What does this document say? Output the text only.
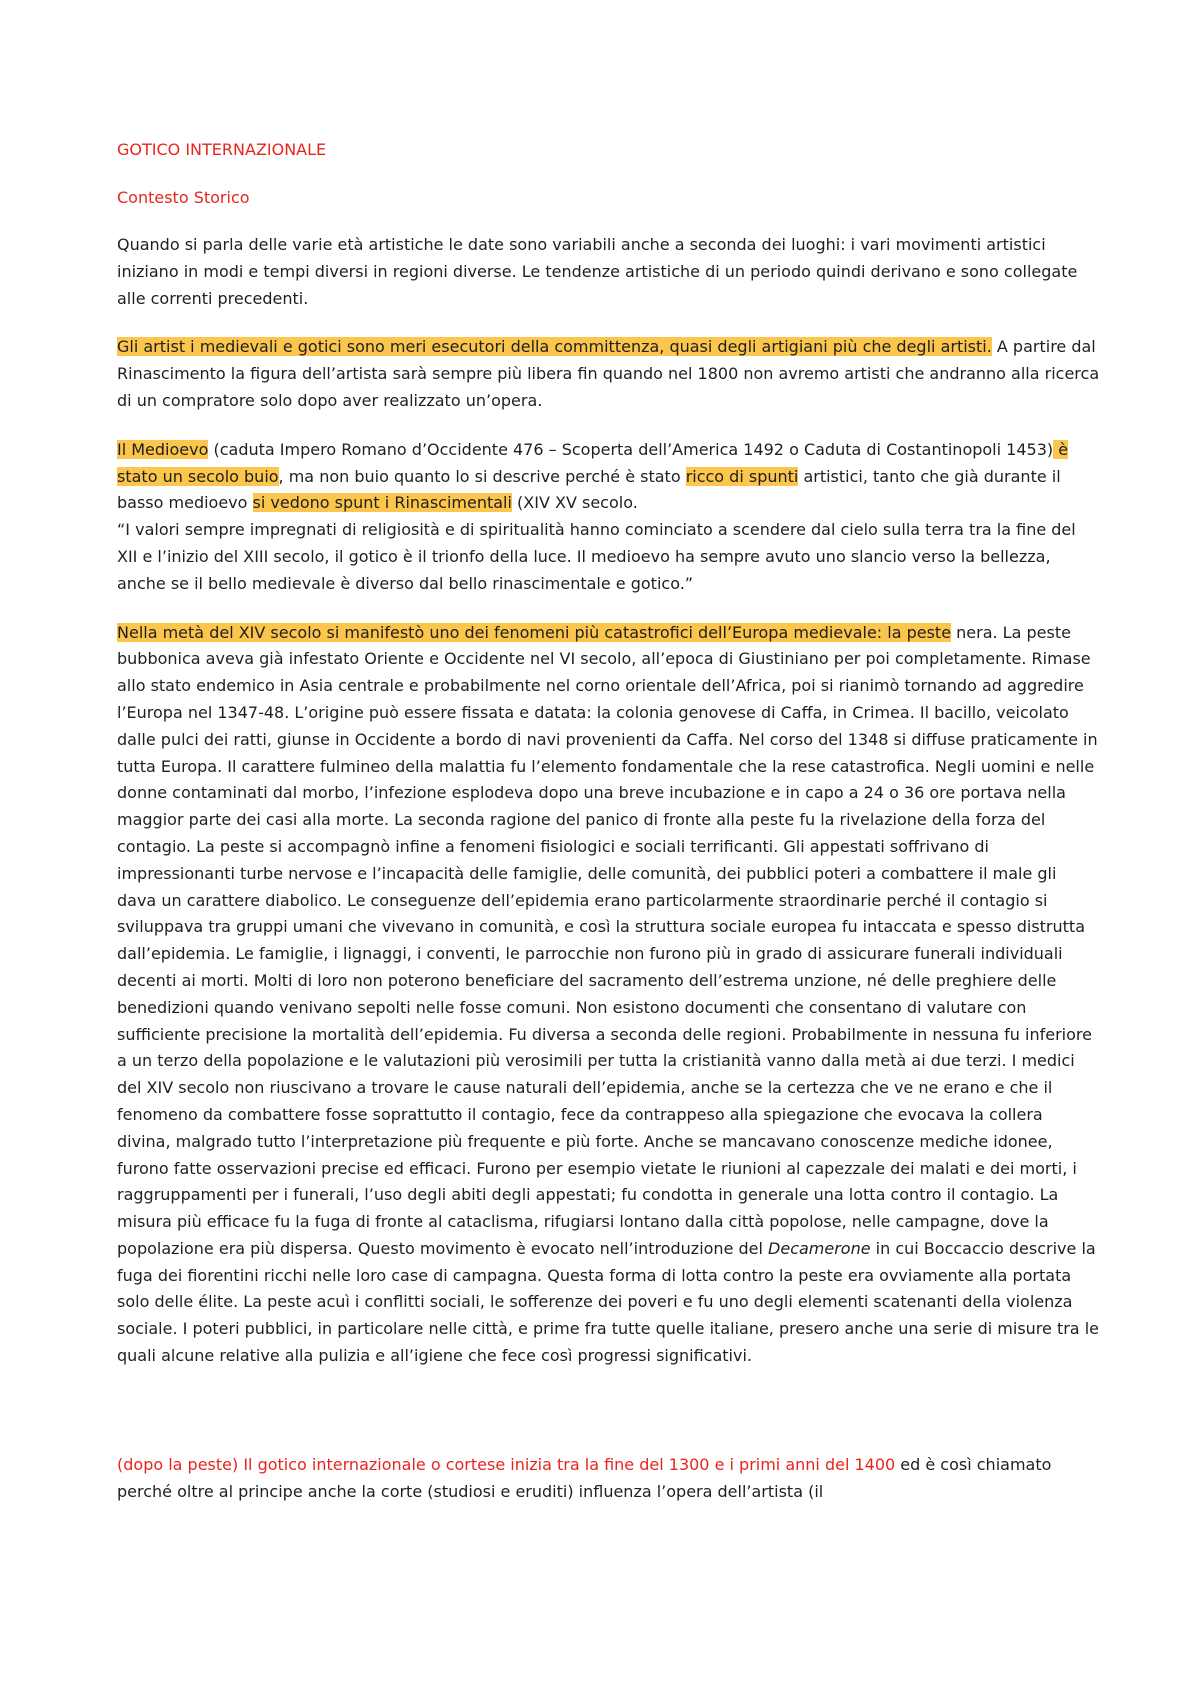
GOTICO INTERNAZIONALE
Contesto Storico

Quando si parla delle varie età artistiche le date sono variabili anche a seconda dei luoghi: i vari movimenti artistici iniziano in modi e tempi diversi in regioni diverse. Le tendenze artistiche di un periodo quindi derivano e sono collegate alle correnti precedenti.

Gli artist i medievali e gotici sono meri esecutori della committenza, quasi degli artigiani più che degli artisti. A partire dal Rinascimento la figura dell’artista sarà sempre più libera fin quando nel 1800 non avremo artisti che andranno alla ricerca di un compratore solo dopo aver realizzato un’opera.

Il Medioevo (caduta Impero Romano d’Occidente 476 – Scoperta dell’America 1492 o Caduta di Costantinopoli 1453) è stato un secolo buio, ma non buio quanto lo si descrive perché è stato ricco di spunti artistici, tanto che già durante il basso medioevo si vedono spunt i Rinascimentali (XIV XV secolo.
“I valori sempre impregnati di religiosità e di spiritualità hanno cominciato a scendere dal cielo sulla terra tra la fine del XII e l’inizio del XIII secolo, il gotico è il trionfo della luce. Il medioevo ha sempre avuto uno slancio verso la bellezza, anche se il bello medievale è diverso dal bello rinascimentale e gotico.”

Nella metà del XIV secolo si manifestò uno dei fenomeni più catastrofici dell’Europa medievale: la peste nera. La peste bubbonica aveva già infestato Oriente e Occidente nel VI secolo, all’epoca di Giustiniano per poi completamente. Rimase allo stato endemico in Asia centrale e probabilmente nel corno orientale dell’Africa, poi si rianimò tornando ad aggredire l’Europa nel 1347-48. L’origine può essere fissata e datata: la colonia genovese di Caffa, in Crimea. Il bacillo, veicolato dalle pulci dei ratti, giunse in Occidente a bordo di navi provenienti da Caffa. Nel corso del 1348 si diffuse praticamente in tutta Europa. Il carattere fulmineo della malattia fu l’elemento fondamentale che la rese catastrofica. Negli uomini e nelle donne contaminati dal morbo, l’infezione esplodeva dopo una breve incubazione e in capo a 24 o 36 ore portava nella maggior parte dei casi alla morte. La seconda ragione del panico di fronte alla peste fu la rivelazione della forza del contagio. La peste si accompagnò infine a fenomeni fisiologici e sociali terrificanti. Gli appestati soffrivano di impressionanti turbe nervose e l’incapacità delle famiglie, delle comunità, dei pubblici poteri a combattere il male gli dava un carattere diabolico. Le conseguenze dell’epidemia erano particolarmente straordinarie perché il contagio si sviluppava tra gruppi umani che vivevano in comunità, e così la struttura sociale europea fu intaccata e spesso distrutta dall’epidemia. Le famiglie, i lignaggi, i conventi, le parrocchie non furono più in grado di assicurare funerali individuali decenti ai morti. Molti di loro non poterono beneficiare del sacramento dell’estrema unzione, né delle preghiere delle benedizioni quando venivano sepolti nelle fosse comuni. Non esistono documenti che consentano di valutare con sufficiente precisione la mortalità dell’epidemia. Fu diversa a seconda delle regioni. Probabilmente in nessuna fu inferiore a un terzo della popolazione e le valutazioni più verosimili per tutta la cristianità vanno dalla metà ai due terzi. I medici del XIV secolo non riuscivano a trovare le cause naturali dell’epidemia, anche se la certezza che ve ne erano e che il fenomeno da combattere fosse soprattutto il contagio, fece da contrappeso alla spiegazione che evocava la collera divina, malgrado tutto l’interpretazione più frequente e più forte. Anche se mancavano conoscenze mediche idonee, furono fatte osservazioni precise ed efficaci. Furono per esempio vietate le riunioni al capezzale dei malati e dei morti, i raggruppamenti per i funerali, l’uso degli abiti degli appestati; fu condotta in generale una lotta contro il contagio. La misura più efficace fu la fuga di fronte al cataclisma, rifugiarsi lontano dalla città popolose, nelle campagne, dove la popolazione era più dispersa. Questo movimento è evocato nell’introduzione del Decamerone in cui Boccaccio descrive la fuga dei fiorentini ricchi nelle loro case di campagna. Questa forma di lotta contro la peste era ovviamente alla portata solo delle élite. La peste acuì i conflitti sociali, le sofferenze dei poveri e fu uno degli elementi scatenanti della violenza sociale. I poteri pubblici, in particolare nelle città, e prime fra tutte quelle italiane, presero anche una serie di misure tra le quali alcune relative alla pulizia e all’igiene che fece così progressi significativi.

(dopo la peste) Il gotico internazionale o cortese inizia tra la fine del 1300 e i primi anni del 1400 ed è così chiamato perché oltre al principe anche la corte (studiosi e eruditi) influenza l’opera dell’artista (il
